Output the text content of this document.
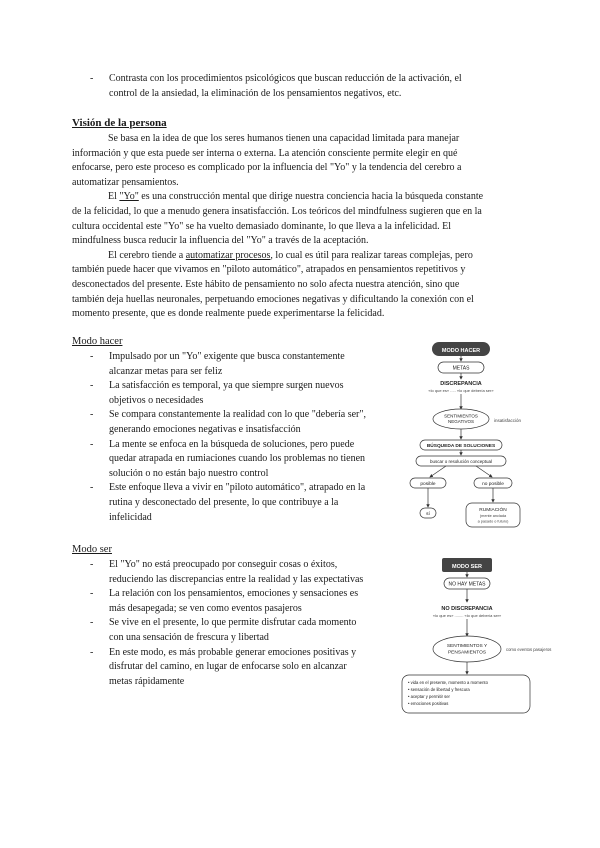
- Contrasta con los procedimientos psicológicos que buscan reducción de la activación, el
control de la ansiedad, la eliminación de los pensamientos negativos, etc.
Visión de la persona
Se basa en la idea de que los seres humanos tienen una capacidad limitada para manejar
información y que esta puede ser interna o externa. La atención consciente permite elegir en qué
enfocarse, pero este proceso es complicado por la influencia del "Yo" y la tendencia del cerebro a
automatizar pensamientos.
El "Yo" es una construcción mental que dirige nuestra conciencia hacia la búsqueda constante
de la felicidad, lo que a menudo genera insatisfacción. Los teóricos del mindfulness sugieren que en la
cultura occidental este "Yo" se ha vuelto demasiado dominante, lo que lleva a la infelicidad. El
mindfulness busca reducir la influencia del "Yo" a través de la aceptación.
El cerebro tiende a automatizar procesos, lo cual es útil para realizar tareas complejas, pero
también puede hacer que vivamos en "piloto automático", atrapados en pensamientos repetitivos y
desconectados del presente. Este hábito de pensamiento no solo afecta nuestra atención, sino que
también deja huellas neuronales, perpetuando emociones negativas y dificultando la conexión con el
momento presente, que es donde realmente puede experimentarse la felicidad.
Modo hacer
- Impulsado por un "Yo" exigente que busca constantemente
alcanzar metas para ser feliz
- La satisfacción es temporal, ya que siempre surgen nuevos
objetivos o necesidades
- Se compara constantemente la realidad con lo que "debería ser",
generando emociones negativas e insatisfacción
- La mente se enfoca en la búsqueda de soluciones, pero puede
quedar atrapada en rumiaciones cuando los problemas no tienen
solución o no están bajo nuestro control
- Este enfoque lleva a vivir en "piloto automático", atrapado en la
rutina y desconectado del presente, lo que contribuye a la
infelicidad
Modo ser
- El "Yo" no está preocupado por conseguir cosas o éxitos,
reduciendo las discrepancias entre la realidad y las expectativas
- La relación con los pensamientos, emociones y sensaciones es
más desapegada; se ven como eventos pasajeros
- Se vive en el presente, lo que permite disfrutar cada momento
con una sensación de frescura y libertad
- En este modo, es más probable generar emociones positivas y
disfrutar del camino, en lugar de enfocarse solo en alcanzar
metas rápidamente
MODO HACER
METAS
DISCREPANCIA
«lo que es» ..... «lo que debería ser»
SENTIMIENTOS
NEGATIVOS	insatisfacción
BÚSQUEDA DE SOLUCIONES
buscar o resolución conceptual
posible	no posible
sí
RUMIACIÓN
(mente anclada
a pasado o futuro)
MODO SER
NO HAY METAS
NO DISCREPANCIA
«lo que es» ........ «lo que debería ser»
SENTIMIENTOS Y
PENSAMIENTOS
como eventos pasajeros
• vida en el presente, momento a momento
• sensación de libertad y frescura
• aceptar y permitir ser
• emociones positivas
